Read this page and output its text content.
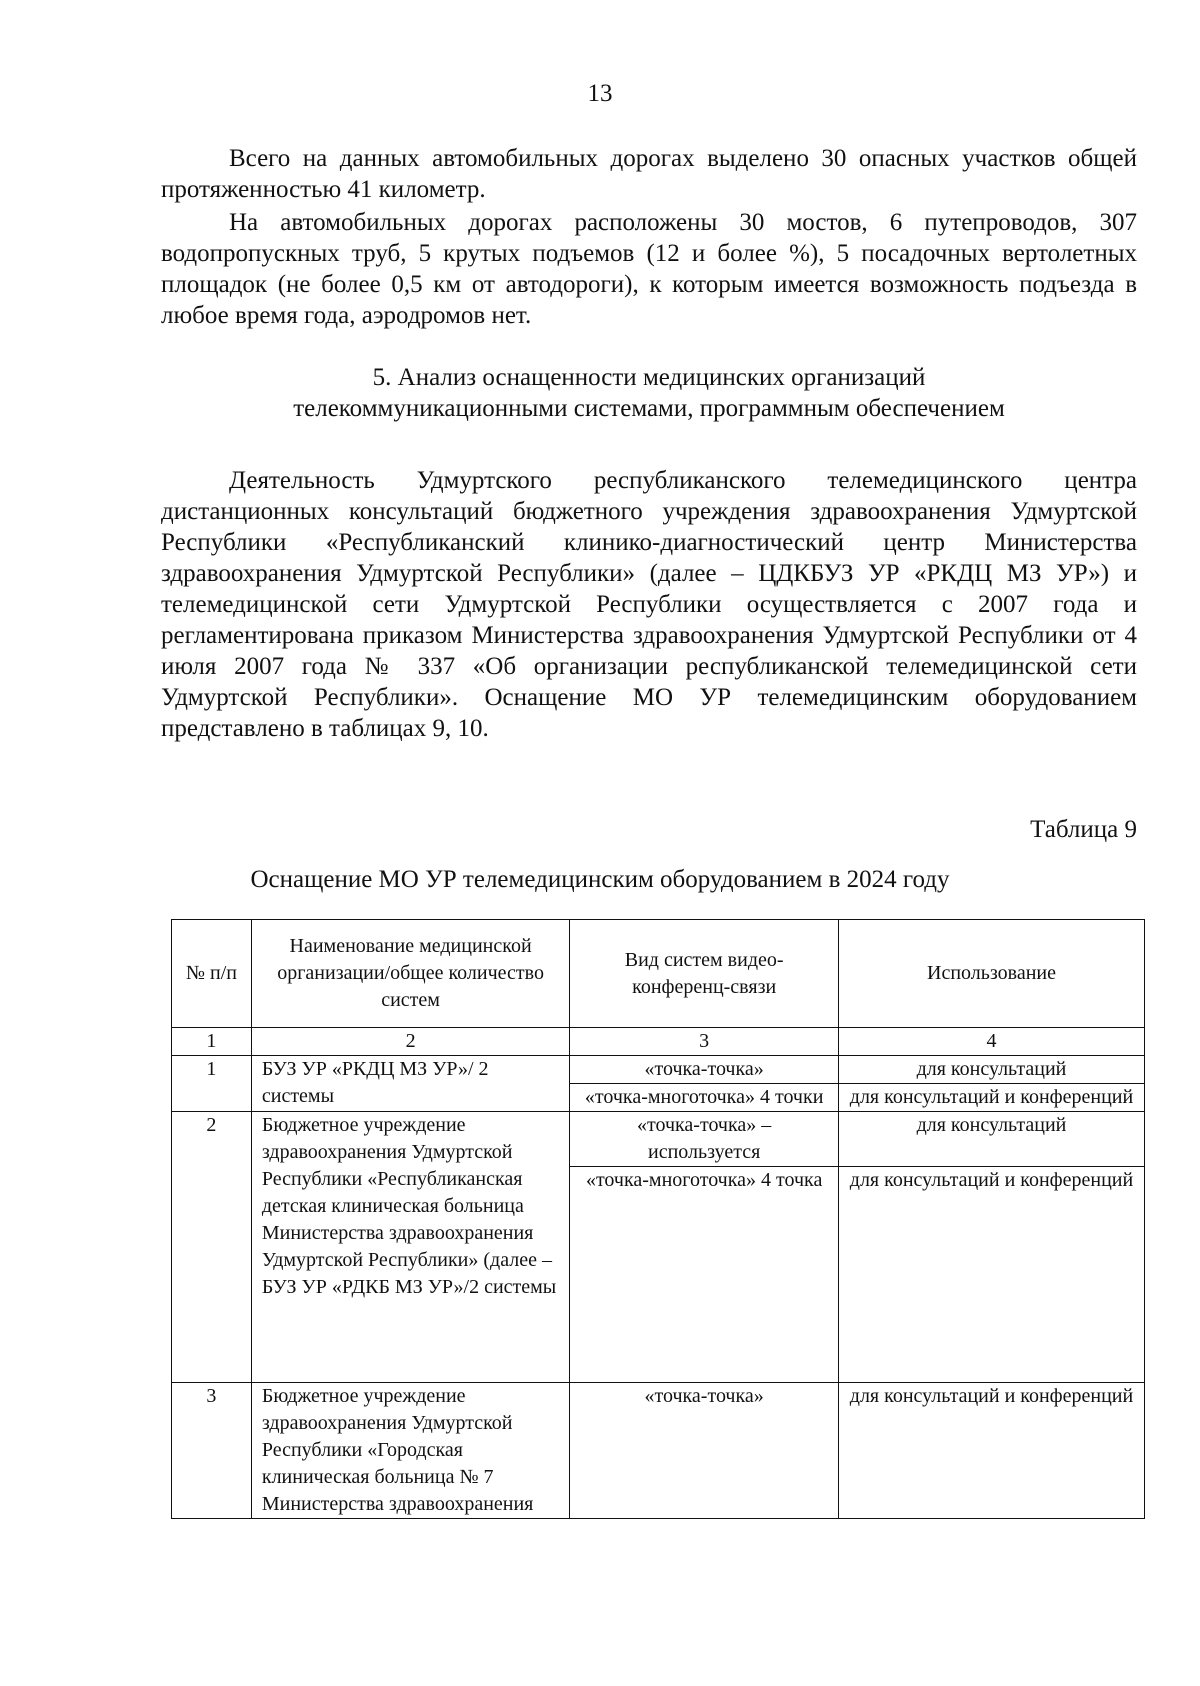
13

Всего на данных автомобильных дорогах выделено 30 опасных участков общей протяженностью 41 километр.

На автомобильных дорогах расположены 30 мостов, 6 путепроводов, 307 водопропускных труб, 5 крутых подъемов (12 и более %), 5 посадочных вертолетных площадок (не более 0,5 км от автодороги), к которым имеется возможность подъезда в любое время года, аэродромов нет.

5. Анализ оснащенности медицинских организаций
телекоммуникационными системами, программным обеспечением

Деятельность Удмуртского республиканского телемедицинского центра дистанционных консультаций бюджетного учреждения здравоохранения Удмуртской Республики «Республиканский клинико-диагностический центр Министерства здравоохранения Удмуртской Республики» (далее – ЦДКБУЗ УР «РКДЦ МЗ УР») и телемедицинской сети Удмуртской Республики осуществляется с 2007 года и регламентирована приказом Министерства здравоохранения Удмуртской Республики от 4 июля 2007 года № 337 «Об организации республиканской телемедицинской сети Удмуртской Республики». Оснащение МО УР телемедицинским оборудованием представлено в таблицах 9, 10.

Таблица 9

Оснащение МО УР телемедицинским оборудованием в 2024 году

№ п/п	Наименование медицинской организации/общее количество систем	Вид систем видео-конференц-связи	Использование
1	2	3	4
1	БУЗ УР «РКДЦ МЗ УР»/ 2 системы	«точка-точка»	для консультаций
		«точка-многоточка» 4 точки	для консультаций и конференций
2	Бюджетное учреждение здравоохранения Удмуртской Республики «Республиканская детская клиническая больница Министерства здравоохранения Удмуртской Республики» (далее – БУЗ УР «РДКБ МЗ УР»/2 системы	«точка-точка» – используется	для консультаций
		«точка-многоточка» 4 точка	для консультаций и конференций
3	Бюджетное учреждение здравоохранения Удмуртской Республики «Городская клиническая больница № 7 Министерства здравоохранения	«точка-точка»	для консультаций и конференций
